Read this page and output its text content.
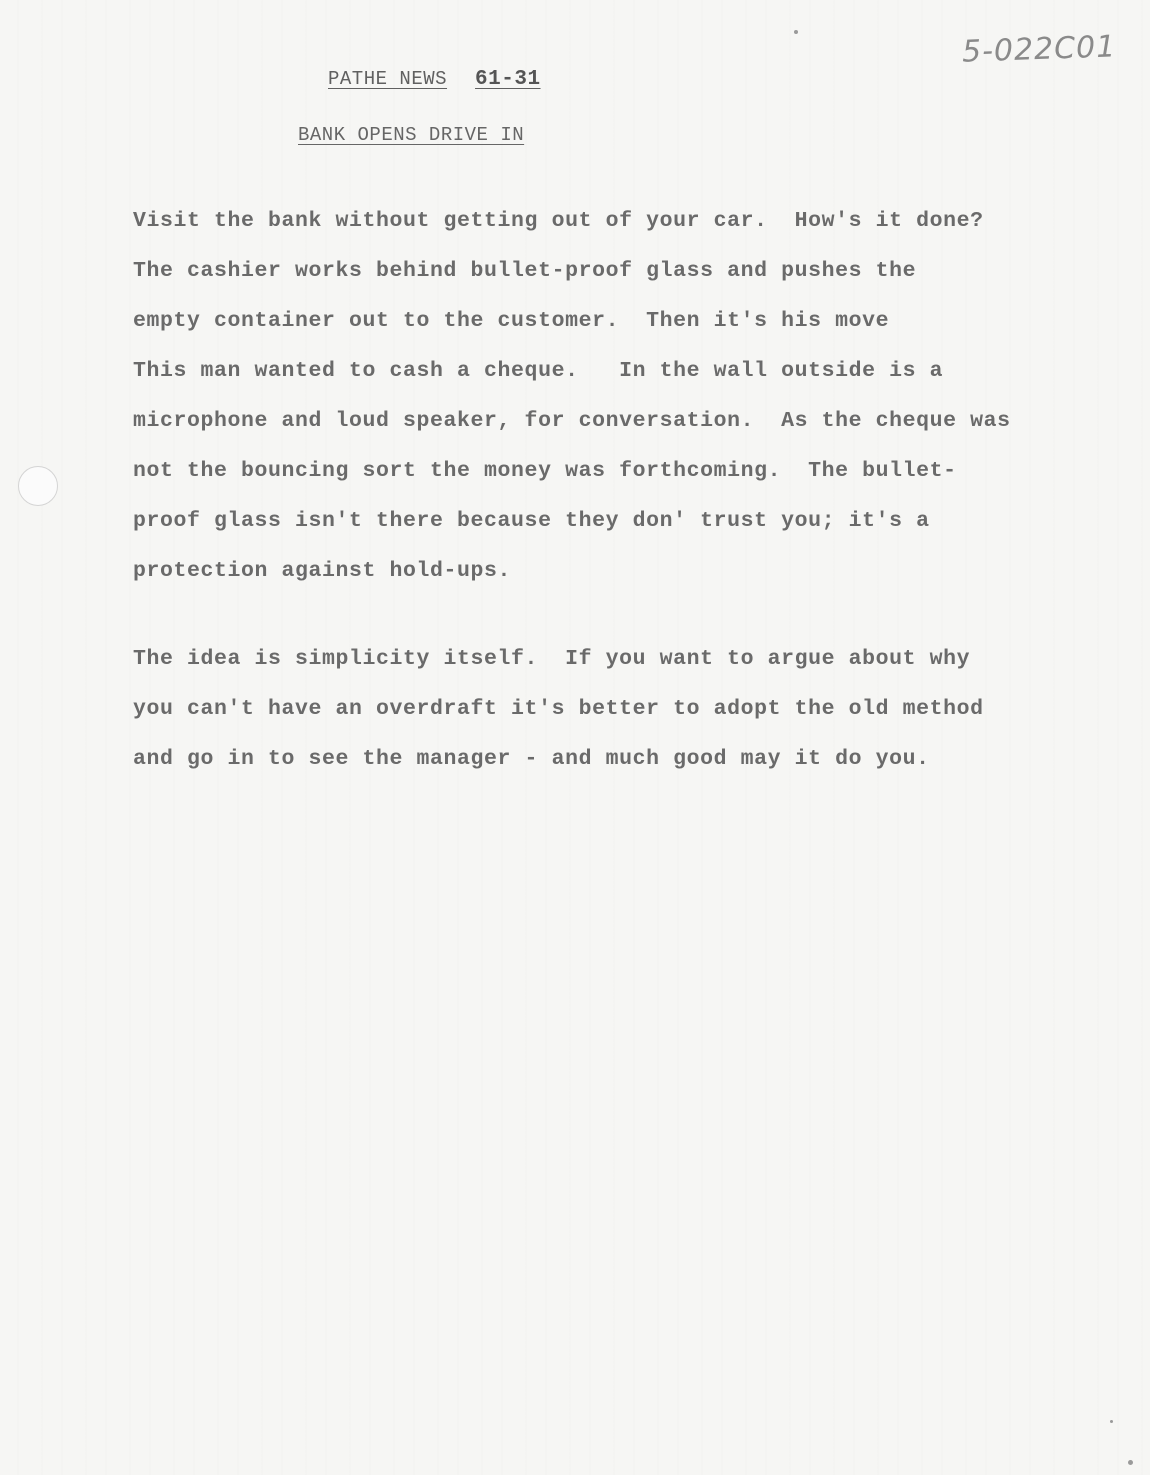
5-022C01
PATHE NEWS 61-31
BANK OPENS DRIVE IN

Visit the bank without getting out of your car.  How's it done?
The cashier works behind bullet-proof glass and pushes the
empty container out to the customer.  Then it's his move
This man wanted to cash a cheque.   In the wall outside is a
microphone and loud speaker, for conversation.  As the cheque was
not the bouncing sort the money was forthcoming.  The bullet-
proof glass isn't there because they don' trust you; it's a
protection against hold-ups.

The idea is simplicity itself.  If you want to argue about why
you can't have an overdraft it's better to adopt the old method
and go in to see the manager - and much good may it do you.
